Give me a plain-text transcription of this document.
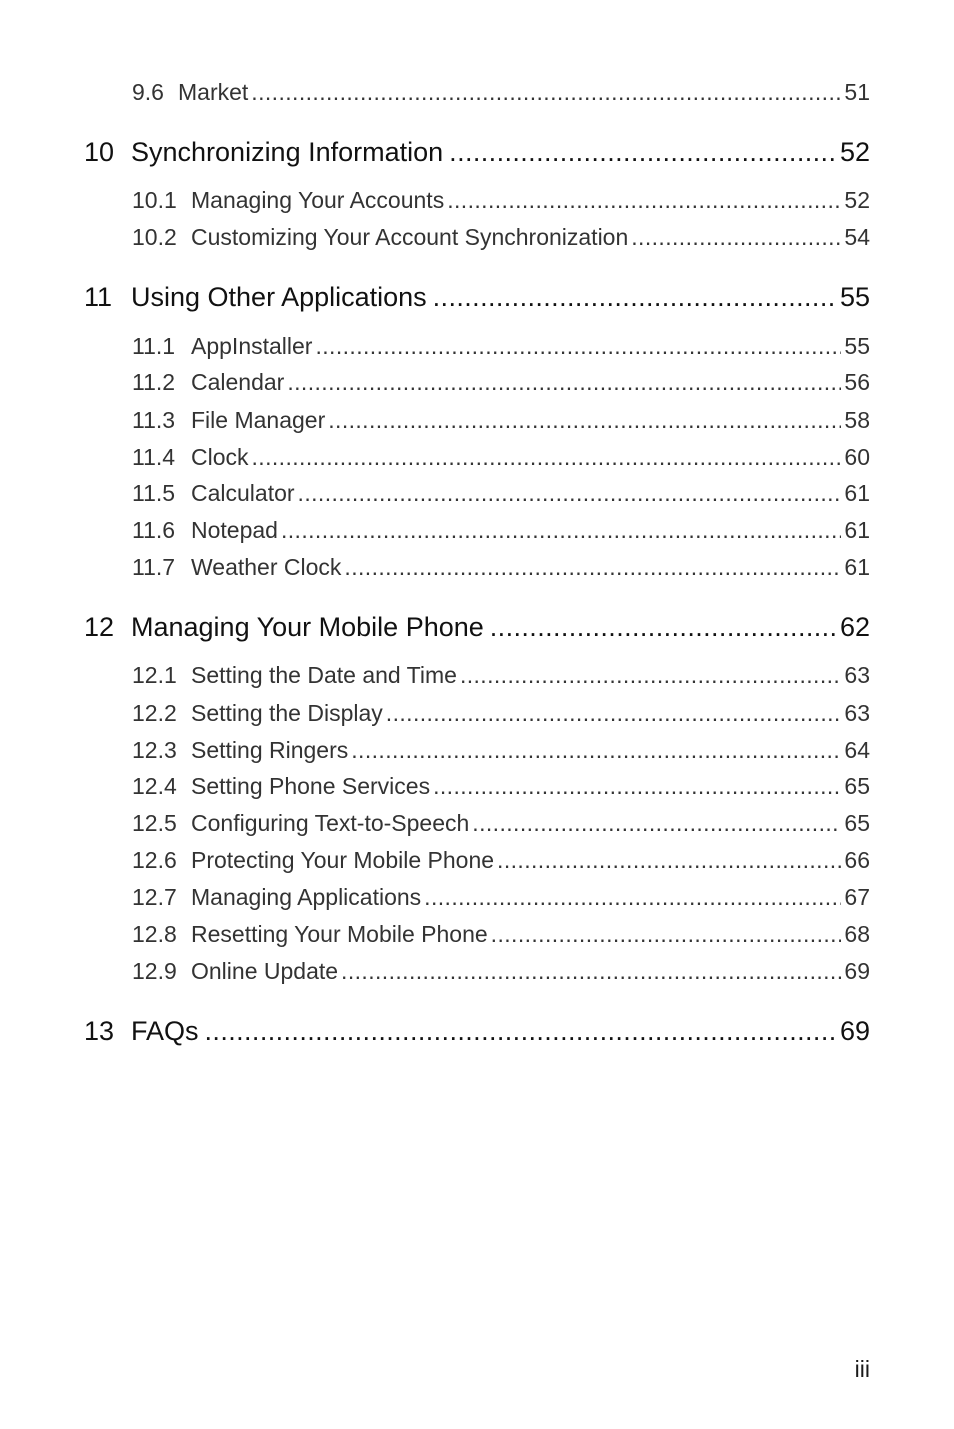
9.6 Market .....	51
10 Synchronizing Information .....	52
10.1 Managing Your Accounts .....	52
10.2 Customizing Your Account Synchronization .....	54
11 Using Other Applications .....	55
11.1 AppInstaller .....	55
11.2 Calendar .....	56
11.3 File Manager .....	58
11.4 Clock .....	60
11.5 Calculator .....	61
11.6 Notepad .....	61
11.7 Weather Clock .....	61
12 Managing Your Mobile Phone .....	62
12.1 Setting the Date and Time .....	63
12.2 Setting the Display .....	63
12.3 Setting Ringers .....	64
12.4 Setting Phone Services .....	65
12.5 Configuring Text-to-Speech .....	65
12.6 Protecting Your Mobile Phone .....	66
12.7 Managing Applications .....	67
12.8 Resetting Your Mobile Phone .....	68
12.9 Online Update .....	69
13 FAQs .....	69
iii
